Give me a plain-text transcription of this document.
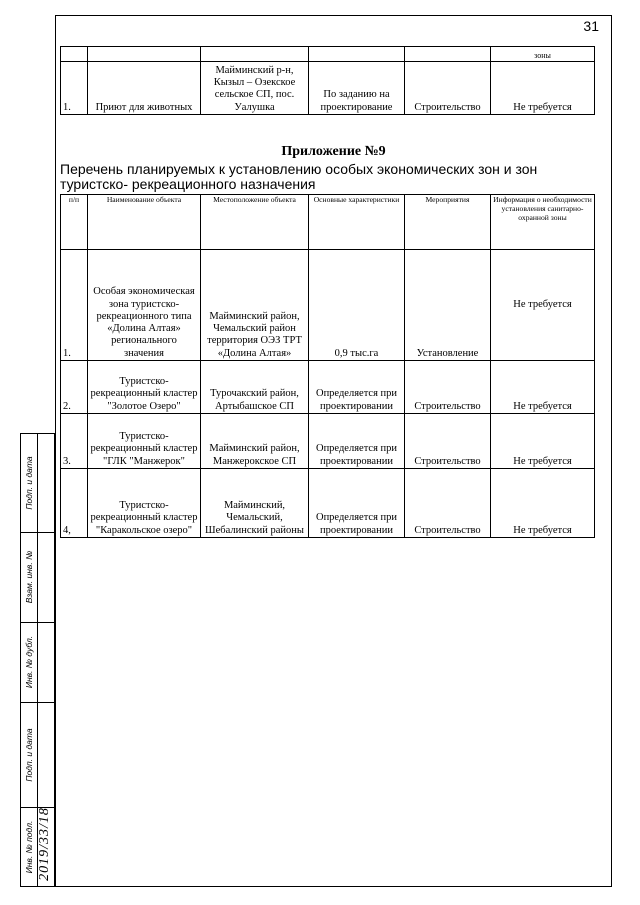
31
					зоны
1.	Приют для животных	Майминский р-н, Кызыл – Озекское сельское СП, пос. Уалушка	По заданию на проектирование	Строительство	Не требуется
Приложение №9
Перечень планируемых к установлению особых экономических зон и зон
туристско- рекреационного назначения
п/п	Наименование объекта	Местоположение объекта	Основные характеристики	Мероприятия	Информация о необходимости установления санитарно-охранной зоны
1.	Особая экономическая зона туристско-рекреационного типа «Долина Алтая» регионального значения	Майминский район, Чемальский район территория ОЭЗ ТРТ «Долина Алтая»	0,9 тыс.га	Установление	Не требуется
2.	Туристско-рекреационный кластер "Золотое Озеро"	Турочакский район, Артыбашское СП	Определяется при проектировании	Строительство	Не требуется
3.	Туристско-рекреационный кластер "ГЛК "Манжерок"	Майминский район, Манжерокское СП	Определяется при проектировании	Строительство	Не требуется
4,	Туристско-рекреационный кластер "Каракольское озеро"	Майминский, Чемальский, Шебалинский районы	Определяется при проектировании	Строительство	Не требуется
Подп. и дата
Взам. инв. №
Инв. № дубл.
Подп. и дата
Инв. № подл. 2019/33/18
